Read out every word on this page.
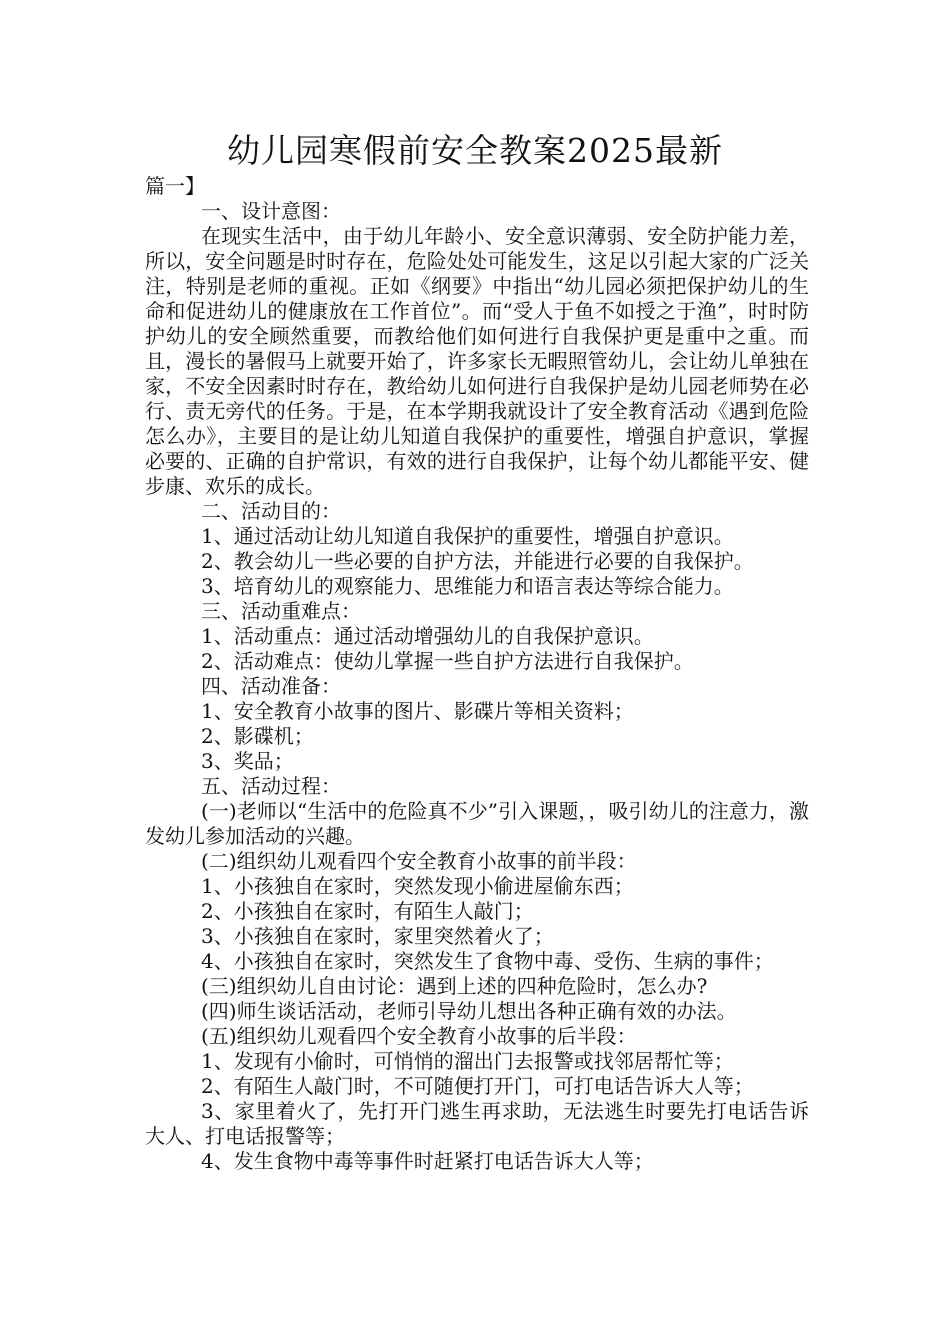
幼儿园寒假前安全教案2025最新
篇一】

一、设计意图：

在现实生活中，由于幼儿年龄小、安全意识薄弱、安全防护能力差，所以，安全问题是时时存在，危险处处可能发生，这足以引起大家的广泛关注，特别是老师的重视。正如《纲要》中指出“幼儿园必须把保护幼儿的生命和促进幼儿的健康放在工作首位”。而“受人于鱼不如授之于渔”，时时防护幼儿的安全顾然重要，而教给他们如何进行自我保护更是重中之重。而且，漫长的暑假马上就要开始了，许多家长无暇照管幼儿，会让幼儿单独在家，不安全因素时时存在，教给幼儿如何进行自我保护是幼儿园老师势在必行、责无旁代的任务。于是，在本学期我就设计了安全教育活动《遇到危险怎么办》，主要目的是让幼儿知道自我保护的重要性，增强自护意识，掌握必要的、正确的自护常识，有效的进行自我保护，让每个幼儿都能平安、健步康、欢乐的成长。

二、活动目的：

1、通过活动让幼儿知道自我保护的重要性，增强自护意识。

2、教会幼儿一些必要的自护方法，并能进行必要的自我保护。

3、培育幼儿的观察能力、思维能力和语言表达等综合能力。

三、活动重难点：

1、活动重点：通过活动增强幼儿的自我保护意识。

2、活动难点：使幼儿掌握一些自护方法进行自我保护。

四、活动准备：

1、安全教育小故事的图片、影碟片等相关资料；

2、影碟机；

3、奖品；

五、活动过程：

(一)老师以“生活中的危险真不少”引入课题，，吸引幼儿的注意力，激发幼儿参加活动的兴趣。

(二)组织幼儿观看四个安全教育小故事的前半段：

1、小孩独自在家时，突然发现小偷进屋偷东西；

2、小孩独自在家时，有陌生人敲门；

3、小孩独自在家时，家里突然着火了；

4、小孩独自在家时，突然发生了食物中毒、受伤、生病的事件；

(三)组织幼儿自由讨论：遇到上述的四种危险时，怎么办?

(四)师生谈话活动，老师引导幼儿想出各种正确有效的办法。

(五)组织幼儿观看四个安全教育小故事的后半段：

1、发现有小偷时，可悄悄的溜出门去报警或找邻居帮忙等；

2、有陌生人敲门时，不可随便打开门，可打电话告诉大人等；

3、家里着火了，先打开门逃生再求助，无法逃生时要先打电话告诉大人、打电话报警等；

4、发生食物中毒等事件时赶紧打电话告诉大人等；
